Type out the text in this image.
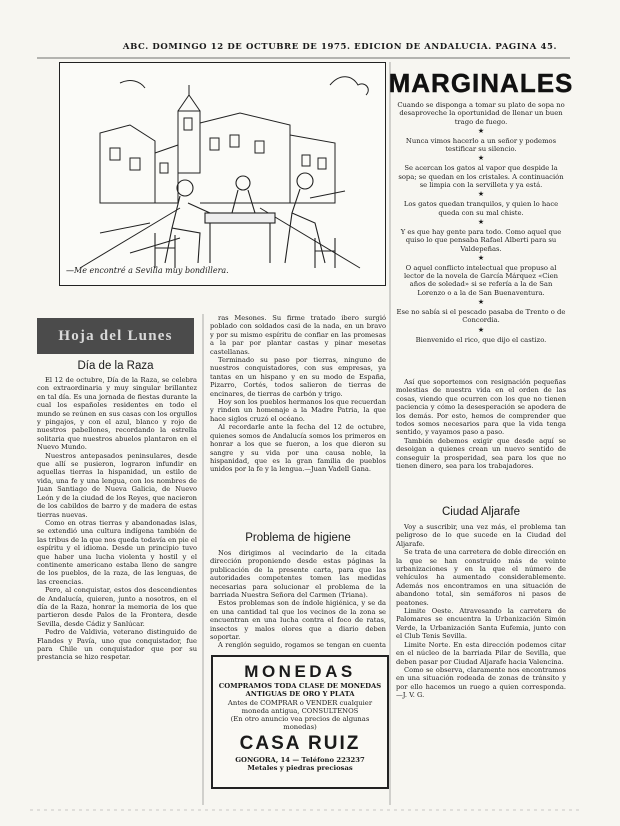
ABC. DOMINGO 12 DE OCTUBRE DE 1975. EDICION DE ANDALUCIA. PAGINA 45.
—Me encontré a Sevilla muy bondillera.
Hoja del Lunes
Día de la Raza

El 12 de octubre, Día de la Raza, se celebra con extraordinaria y muy singular brillantez en tal día. Es una jornada de fiestas durante la cual los españoles residentes en todo el mundo se reúnen en sus casas con los orgullos y pingajos, y con el azul, blanco y rojo de nuestros pabellones, recordando la estrella solitaria que nuestros abuelos plantaron en el Nuevo Mundo.

Nuestros antepasados peninsulares, desde que allí se pusieron, lograron infundir en aquellas tierras la hispanidad, un estilo de vida, una fe y una lengua, con los nombres de Juan Santiago de Nueva Galicia, de Nuevo León y de la ciudad de los Reyes, que nacieron de los cabildos de barro y de madera de estas tierras nuevas.

Como en otras tierras y abandonadas islas, se extendió una cultura indígena también de las tribus de la que nos queda todavía en pie el espíritu y el idioma. Desde un principio tuvo que haber una lucha violenta y hostil y el continente americano estaba lleno de sangre de los pueblos, de la raza, de las lenguas, de las creencias.

Pero, al conquistar, estos dos descendientes de Andalucía, quieren, junto a nosotros, en el día de la Raza, honrar la memoria de los que partieron desde Palos de la Frontera, desde Sevilla, desde Cádiz y Sanlúcar.

Pedro de Valdivia, veterano distinguido de Flandes y Pavía, uno que conquistador, fue para Chile un conquistador que por su prestancia se hizo respetar.

ras Mesones. Su firme tratado ibero surgió poblado con soldados casi de la nada, en un bravo y por su mismo espíritu de confiar en las promesas a la par por plantar castas y pinar mesetas castellanas.

Terminado su paso por tierras, ninguno de nuestros conquistadores, con sus empresas, ya tantas en un hispano y en su modo de España, Pizarro, Cortés, todos salieron de tierras de encinares, de tierras de carbón y trigo.

Hoy son los pueblos hermanos los que recuerdan y rinden un homenaje a la Madre Patria, la que hace siglos cruzó el océano.

Al recordarle ante la fecha del 12 de octubre, quienes somos de Andalucía somos los primeros en honrar a los que se fueron, a los que dieron su sangre y su vida por una causa noble, la hispanidad, que es la gran familia de pueblos unidos por la fe y la lengua.—Juan Vadell Gana.

Problema de higiene

Nos dirigimos al vecindario de la citada dirección proponiendo desde estas páginas la publicación de la presente carta, para que las autoridades competentes tomen las medidas necesarias para solucionar el problema de la barriada Nuestra Señora del Carmen (Triana).

Estos problemas son de índole higiénica, y se da en una cantidad tal que los vecinos de la zona se encuentran en una lucha contra el foco de ratas, insectos y malos olores que a diario deben soportar.

A renglón seguido, rogamos se tengan en cuenta

MONEDAS
COMPRAMOS TODA CLASE DE MONEDAS ANTIGUAS DE ORO Y PLATA
Antes de COMPRAR o VENDER cualquier moneda antigua, CONSULTENOS
(En otro anuncio vea precios de algunas monedas)
CASA RUIZ
GONGORA, 14 — Teléfono 223237
Metales y piedras preciosas
MARGINALES

Cuando se disponga a tomar su plato de sopa no desaproveche la oportunidad de llenar un buen trago de fuego.

★

Nunca vimos hacerlo a un señor y podemos testificar su silencio.

★

Se acercan los gatos al vapor que despide la sopa; se quedan en los cristales. A continuación se limpia con la servilleta y ya está.

★

Los gatos quedan tranquilos, y quien lo hace queda con su mal chiste.

★

Y es que hay gente para todo. Como aquel que quiso lo que pensaba Rafael Alberti para su Valdepeñas.

★

O aquel conflicto intelectual que propuso al lector de la novela de García Márquez «Cien años de soledad» si se refería a la de San Lorenzo o a la de San Buenaventura.

★

Ese no sabía si el pescado pasaba de Trento o de Concordia.

★

Bienvenido el rico, que dijo el castizo.

Así que soportemos con resignación pequeñas molestias de nuestra vida en el orden de las cosas, viendo que ocurren con los que no tienen paciencia y cómo la desesperación se apodera de los demás. Por esto, hemos de comprender que todos somos necesarios para que la vida tenga sentido, y vayamos paso a paso.

También debemos exigir que desde aquí se desoigan a quienes crean un nuevo sentido de conseguir la prosperidad, sea para los que no tienen dinero, sea para los trabajadores.

Ciudad Aljarafe

Voy a suscribir, una vez más, el problema tan peligroso de lo que sucede en la Ciudad del Aljarafe.

Se trata de una carretera de doble dirección en la que se han construido más de veinte urbanizaciones y en la que el número de vehículos ha aumentado considerablemente. Además nos encontramos en una situación de abandono total, sin semáforos ni pasos de peatones.

Limite Oeste. Atravesando la carretera de Palomares se encuentra la Urbanización Simón Verde, la Urbanización Santa Eufemia, junto con el Club Tenis Sevilla.

Limite Norte. En esta dirección podemos citar en el núcleo de la barriada Pilar de Sevilla, que deben pasar por Ciudad Aljarafe hacia Valencina.

Como se observa, claramente nos encontramos en una situación rodeada de zonas de tránsito y por ello hacemos un ruego a quien corresponda.—J. V. G.
